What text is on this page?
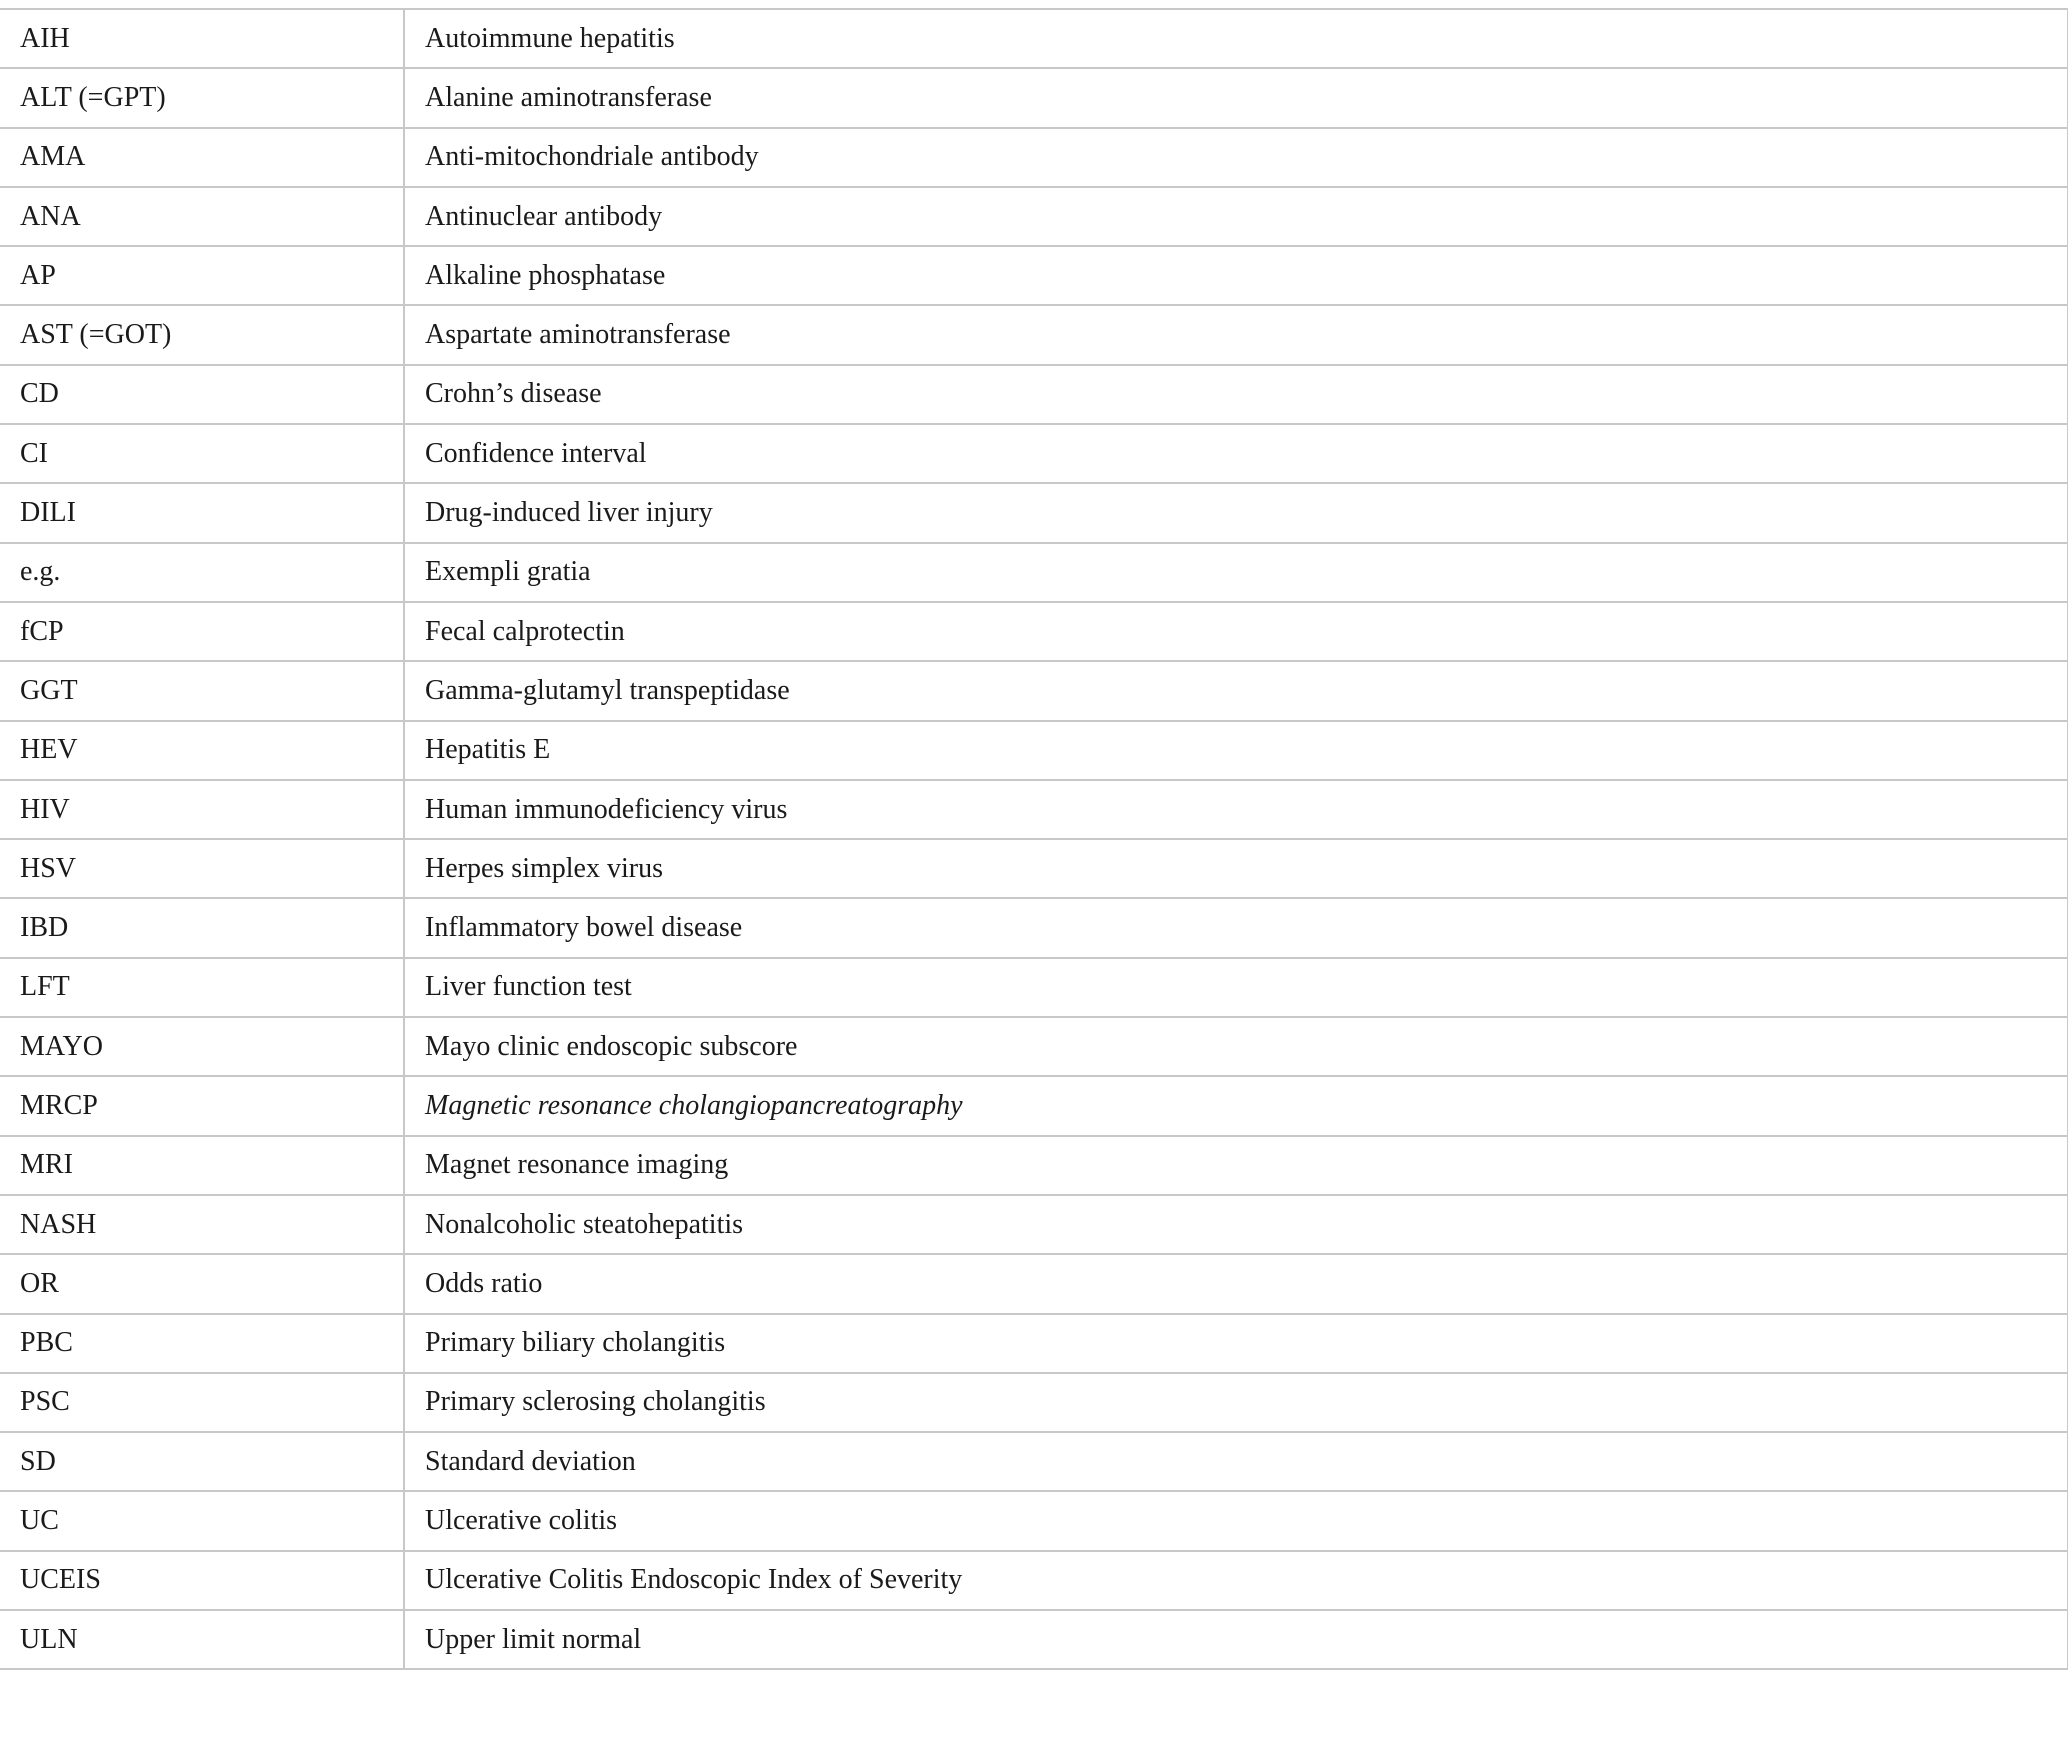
AIH	Autoimmune hepatitis
ALT (=GPT)	Alanine aminotransferase
AMA	Anti-mitochondriale antibody
ANA	Antinuclear antibody
AP	Alkaline phosphatase
AST (=GOT)	Aspartate aminotransferase
CD	Crohn’s disease
CI	Confidence interval
DILI	Drug-induced liver injury
e.g.	Exempli gratia
fCP	Fecal calprotectin
GGT	Gamma-glutamyl transpeptidase
HEV	Hepatitis E
HIV	Human immunodeficiency virus
HSV	Herpes simplex virus
IBD	Inflammatory bowel disease
LFT	Liver function test
MAYO	Mayo clinic endoscopic subscore
MRCP	Magnetic resonance cholangiopancreatography
MRI	Magnet resonance imaging
NASH	Nonalcoholic steatohepatitis
OR	Odds ratio
PBC	Primary biliary cholangitis
PSC	Primary sclerosing cholangitis
SD	Standard deviation
UC	Ulcerative colitis
UCEIS	Ulcerative Colitis Endoscopic Index of Severity
ULN	Upper limit normal
